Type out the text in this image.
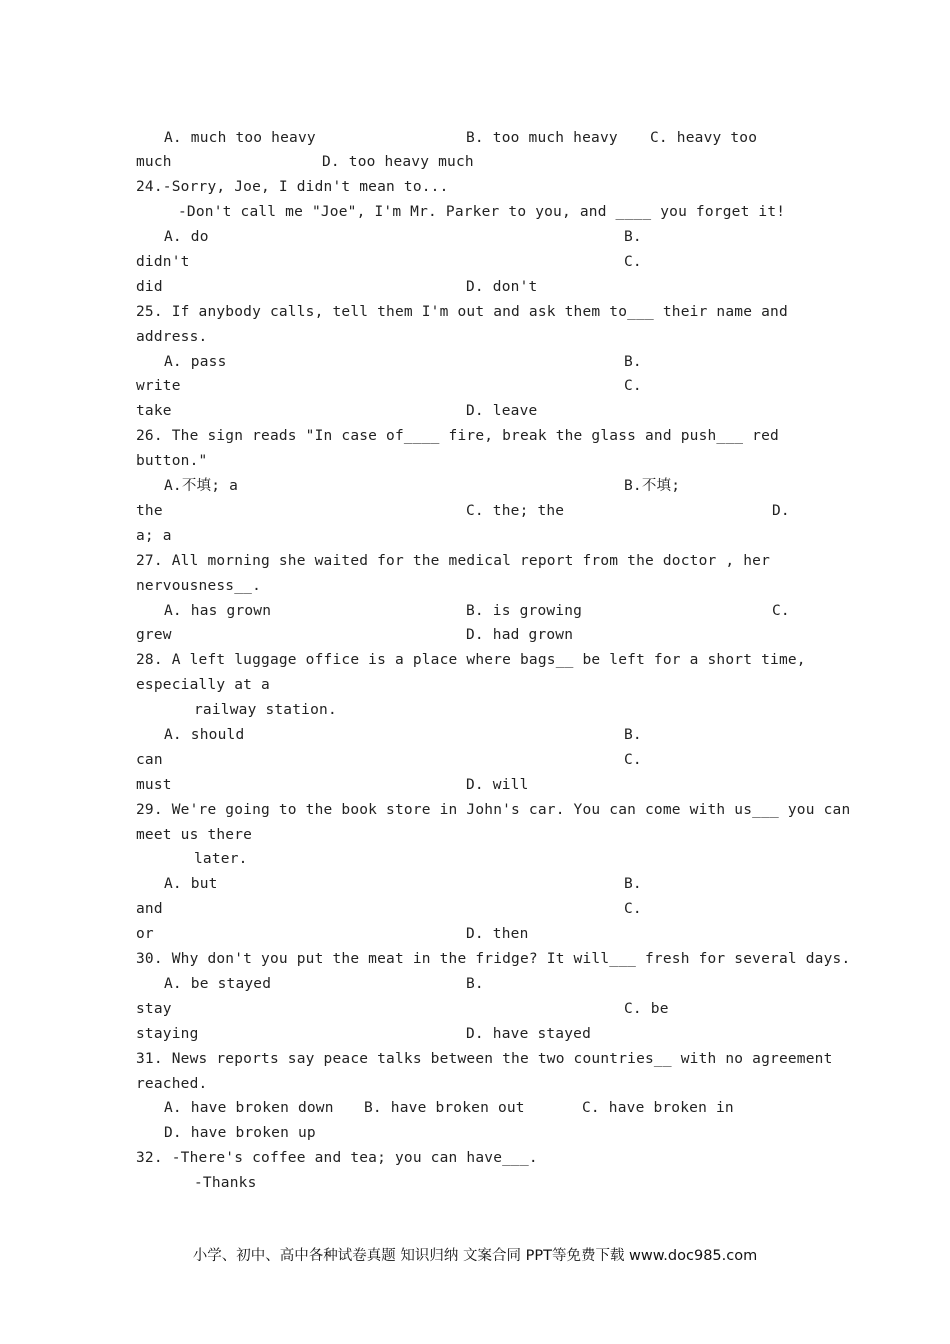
A. much too heavy	B. too much heavy C. heavy too
much	D. too heavy much
24.-Sorry, Joe, I didn't mean to...
-Don't call me "Joe", I'm Mr. Parker to you, and ____ you forget it!
A. do	B.
didn't	C.
did	D. don't
25. If anybody calls, tell them I'm out and ask them to___ their name and
address.
A. pass	B.
write	C.
take	D. leave
26. The sign reads "In case of____ fire, break the glass and push___ red
button."
A.不填; a	B.不填;
the	C. the; the	D.
a; a
27. All morning she waited for the medical report from the doctor , her
nervousness__.
A. has grown	B. is growing	C.
grew	D. had grown
28. A left luggage office is a place where bags__ be left for a short time,
especially at a
railway station.
A. should	B.
can	C.
must	D. will
29. We're going to the book store in John's car. You can come with us___ you can
meet us there
later.
A. but	B.
and	C.
or	D. then
30. Why don't you put the meat in the fridge? It will___ fresh for several days.
A. be stayed	B.
stay	C. be
staying	D. have stayed
31. News reports say peace talks between the two countries__ with no agreement
reached.
A. have broken down B. have broken out	C. have broken in
D. have broken up
32. -There's coffee and tea; you can have___.
-Thanks
小学、初中、高中各种试卷真题 知识归纳 文案合同 PPT等免费下载 www.doc985.com
